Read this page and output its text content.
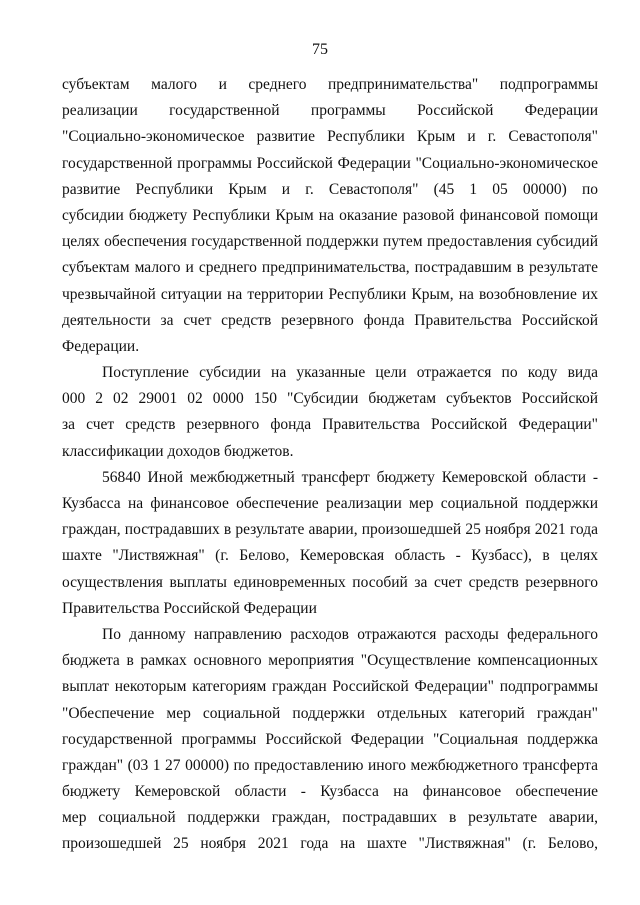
75
субъектам малого и среднего предпринимательства" подпрограммы
реализации государственной программы Российской Федерации
"Социально-экономическое развитие Республики Крым и г. Севастополя"
государственной программы Российской Федерации "Социально-экономическое
развитие Республики Крым и г. Севастополя" (45 1 05 00000) по
субсидии бюджету Республики Крым на оказание разовой финансовой помощи
целях обеспечения государственной поддержки путем предоставления субсидий
субъектам малого и среднего предпринимательства, пострадавшим в результате
чрезвычайной ситуации на территории Республики Крым, на возобновление их
деятельности за счет средств резервного фонда Правительства Российской
Федерации.
Поступление субсидии на указанные цели отражается по коду вида
000 2 02 29001 02 0000 150 "Субсидии бюджетам субъектов Российской
за счет средств резервного фонда Правительства Российской Федерации"
классификации доходов бюджетов.
56840 Иной межбюджетный трансферт бюджету Кемеровской области -
Кузбасса на финансовое обеспечение реализации мер социальной поддержки
граждан, пострадавших в результате аварии, произошедшей 25 ноября 2021 года
шахте "Листвяжная" (г. Белово, Кемеровская область - Кузбасс), в целях
осуществления выплаты единовременных пособий за счет средств резервного
Правительства Российской Федерации
По данному направлению расходов отражаются расходы федерального
бюджета в рамках основного мероприятия "Осуществление компенсационных
выплат некоторым категориям граждан Российской Федерации" подпрограммы
"Обеспечение мер социальной поддержки отдельных категорий граждан"
государственной программы Российской Федерации "Социальная поддержка
граждан" (03 1 27 00000) по предоставлению иного межбюджетного трансферта
бюджету Кемеровской области - Кузбасса на финансовое обеспечение
мер социальной поддержки граждан, пострадавших в результате аварии,
произошедшей 25 ноября 2021 года на шахте "Листвяжная" (г. Белово,
